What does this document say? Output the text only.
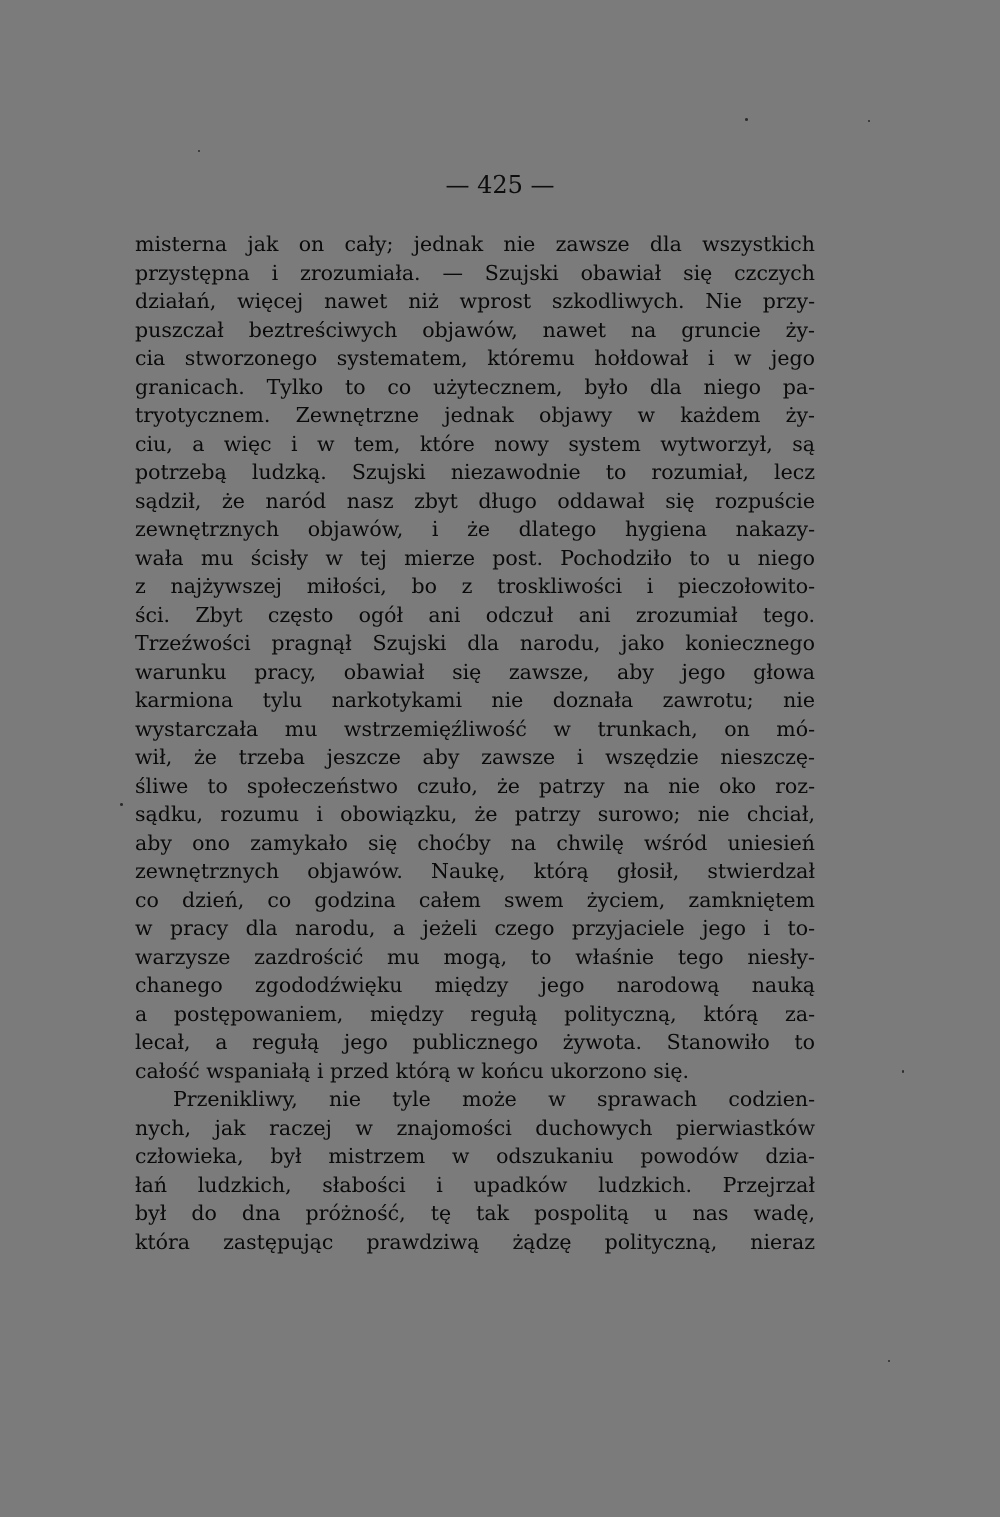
— 425 —
misterna jak on cały; jednak nie zawsze dla wszystkich
przystępna i zrozumiała. — Szujski obawiał się czczych
działań, więcej nawet niż wprost szkodliwych. Nie przy-
puszczał beztreściwych objawów, nawet na gruncie ży-
cia stworzonego systematem, któremu hołdował i w jego
granicach. Tylko to co użytecznem, było dla niego pa-
tryotycznem. Zewnętrzne jednak objawy w każdem ży-
ciu, a więc i w tem, które nowy system wytworzył, są
potrzebą ludzką. Szujski niezawodnie to rozumiał, lecz
sądził, że naród nasz zbyt długo oddawał się rozpuście
zewnętrznych objawów, i że dlatego hygiena nakazy-
wała mu ścisły w tej mierze post. Pochodziło to u niego
z najżywszej miłości, bo z troskliwości i pieczołowito-
ści. Zbyt często ogół ani odczuł ani zrozumiał tego.
Trzeźwości pragnął Szujski dla narodu, jako koniecznego
warunku pracy, obawiał się zawsze, aby jego głowa
karmiona tylu narkotykami nie doznała zawrotu; nie
wystarczała mu wstrzemięźliwość w trunkach, on mó-
wił, że trzeba jeszcze aby zawsze i wszędzie nieszczę-
śliwe to społeczeństwo czuło, że patrzy na nie oko roz-
sądku, rozumu i obowiązku, że patrzy surowo; nie chciał,
aby ono zamykało się choćby na chwilę wśród uniesień
zewnętrznych objawów. Naukę, którą głosił, stwierdzał
co dzień, co godzina całem swem życiem, zamkniętem
w pracy dla narodu, a jeżeli czego przyjaciele jego i to-
warzysze zazdrościć mu mogą, to właśnie tego niesły-
chanego zgododźwięku między jego narodową nauką
a postępowaniem, między regułą polityczną, którą za-
lecał, a regułą jego publicznego żywota. Stanowiło to
całość wspaniałą i przed którą w końcu ukorzono się.
Przenikliwy, nie tyle może w sprawach codzien-
nych, jak raczej w znajomości duchowych pierwiastków
człowieka, był mistrzem w odszukaniu powodów dzia-
łań ludzkich, słabości i upadków ludzkich. Przejrzał
był do dna próżność, tę tak pospolitą u nas wadę,
która zastępując prawdziwą żądzę polityczną, nieraz
